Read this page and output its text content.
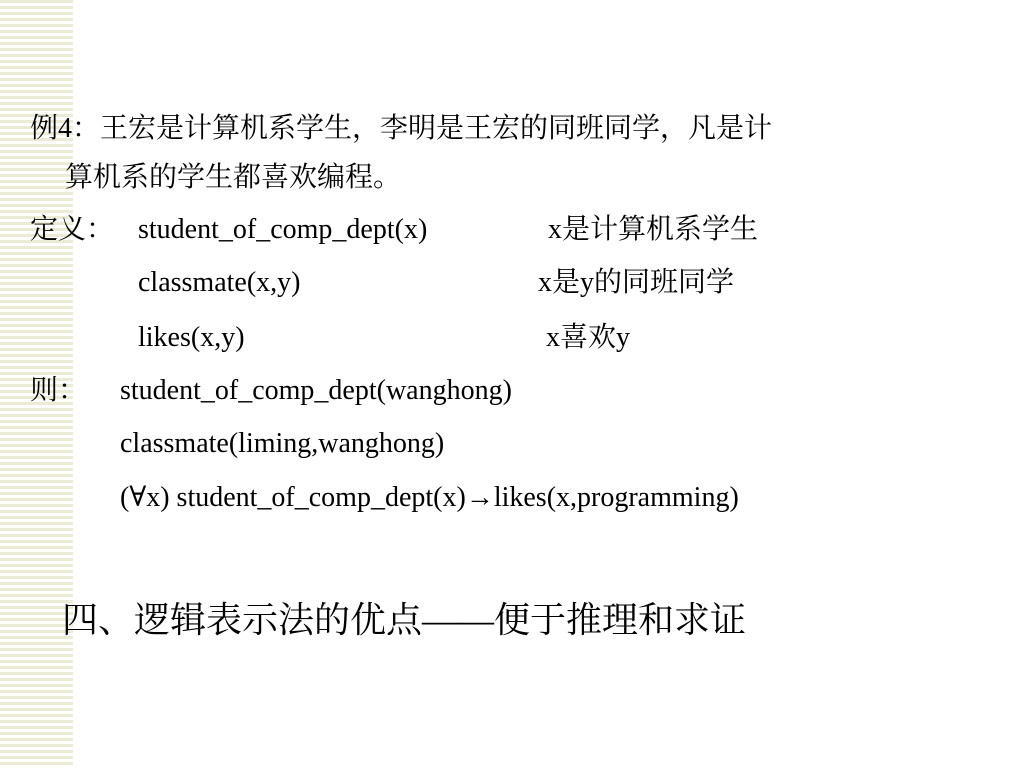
例4：王宏是计算机系学生，李明是王宏的同班同学，凡是计

算机系的学生都喜欢编程。

定义： student_of_comp_dept(x)	x是计算机系学生
classmate(x,y)	x是y的同班同学
likes(x,y)	x喜欢y
则： student_of_comp_dept(wanghong)
classmate(liming,wanghong)
(∀x) student_of_comp_dept(x)→likes(x,programming)
四、逻辑表示法的优点——便于推理和求证
